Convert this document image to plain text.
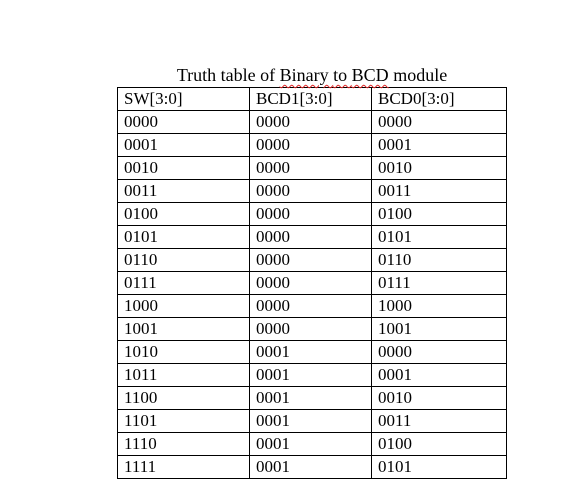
Truth table of Binary to BCD module
SW[3:0]	BCD1[3:0]	BCD0[3:0]
0000	0000	0000
0001	0000	0001
0010	0000	0010
0011	0000	0011
0100	0000	0100
0101	0000	0101
0110	0000	0110
0111	0000	0111
1000	0000	1000
1001	0000	1001
1010	0001	0000
1011	0001	0001
1100	0001	0010
1101	0001	0011
1110	0001	0100
1111	0001	0101
